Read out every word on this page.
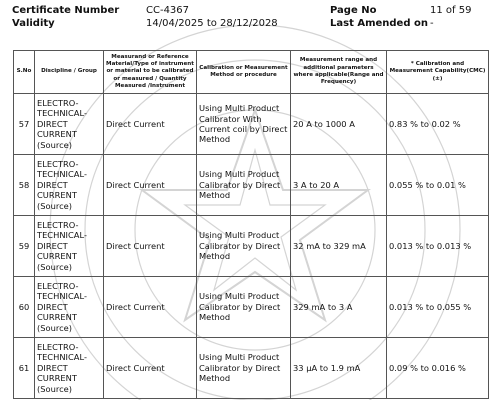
Certificate Number	CC-4367	Page No	11 of 59
Validity	14/04/2025 to 28/12/2028	Last Amended on -
S.No	Discipline / Group	Measurand or Reference Material/Type of instrument or material to be calibrated or measured / Quantity Measured /Instrument	Calibration or Measurement Method or procedure	Measurement range and additional parameters where applicable(Range and Frequency)	* Calibration and Measurement Capability(CMC)(±)
57	ELECTRO-
TECHNICAL-
DIRECT
CURRENT
(Source)	Direct Current	Using Multi Product Calibrator With Current coil by Direct Method	20 A to 1000 A	0.83 % to 0.02 %
58	ELECTRO-
TECHNICAL-
DIRECT
CURRENT
(Source)	Direct Current	Using Multi Product Calibrator by Direct Method	3 A to 20 A	0.055 % to 0.01 %
59	ELECTRO-
TECHNICAL-
DIRECT
CURRENT
(Source)	Direct Current	Using Multi Product Calibrator by Direct Method	32 mA to 329 mA	0.013 % to 0.013 %
60	ELECTRO-
TECHNICAL-
DIRECT
CURRENT
(Source)	Direct Current	Using Multi Product Calibrator by Direct Method	329 mA to 3 A	0.013 % to 0.055 %
61	ELECTRO-
TECHNICAL-
DIRECT
CURRENT
(Source)	Direct Current	Using Multi Product Calibrator by Direct Method	33 µA to 1.9 mA	0.09 % to 0.016 %
